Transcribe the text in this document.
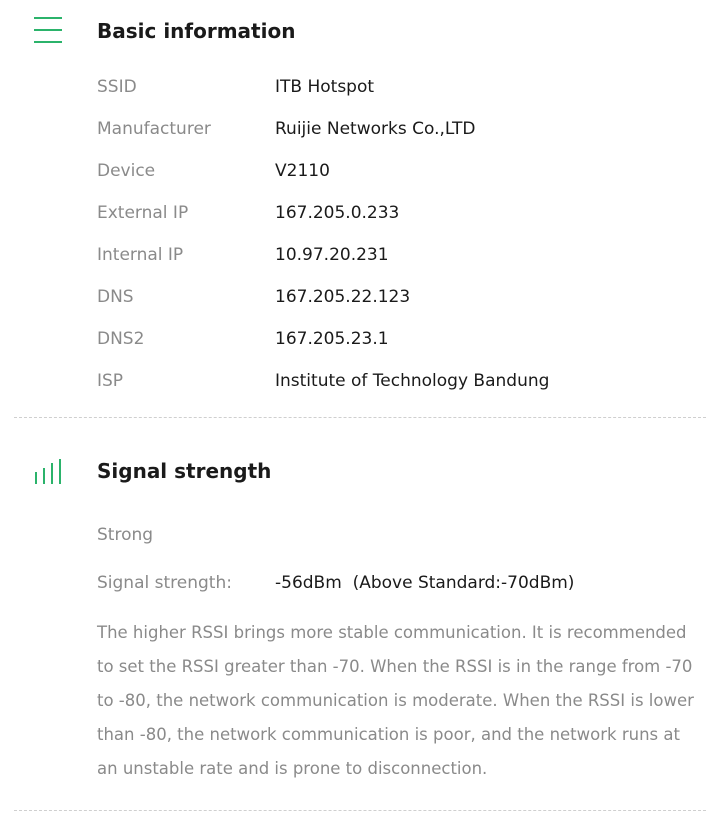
Basic information
SSID	ITB Hotspot
Manufacturer	Ruijie Networks Co.,LTD
Device	V2110
External IP	167.205.0.233
Internal IP	10.97.20.231
DNS	167.205.22.123
DNS2	167.205.23.1
ISP	Institute of Technology Bandung
Signal strength
Strong
Signal strength:	-56dBm  (Above Standard:-70dBm)
The higher RSSI brings more stable communication. It is recommended to set the RSSI greater than -70. When the RSSI is in the range from -70 to -80, the network communication is moderate. When the RSSI is lower than -80, the network communication is poor, and the network runs at an unstable rate and is prone to disconnection.
